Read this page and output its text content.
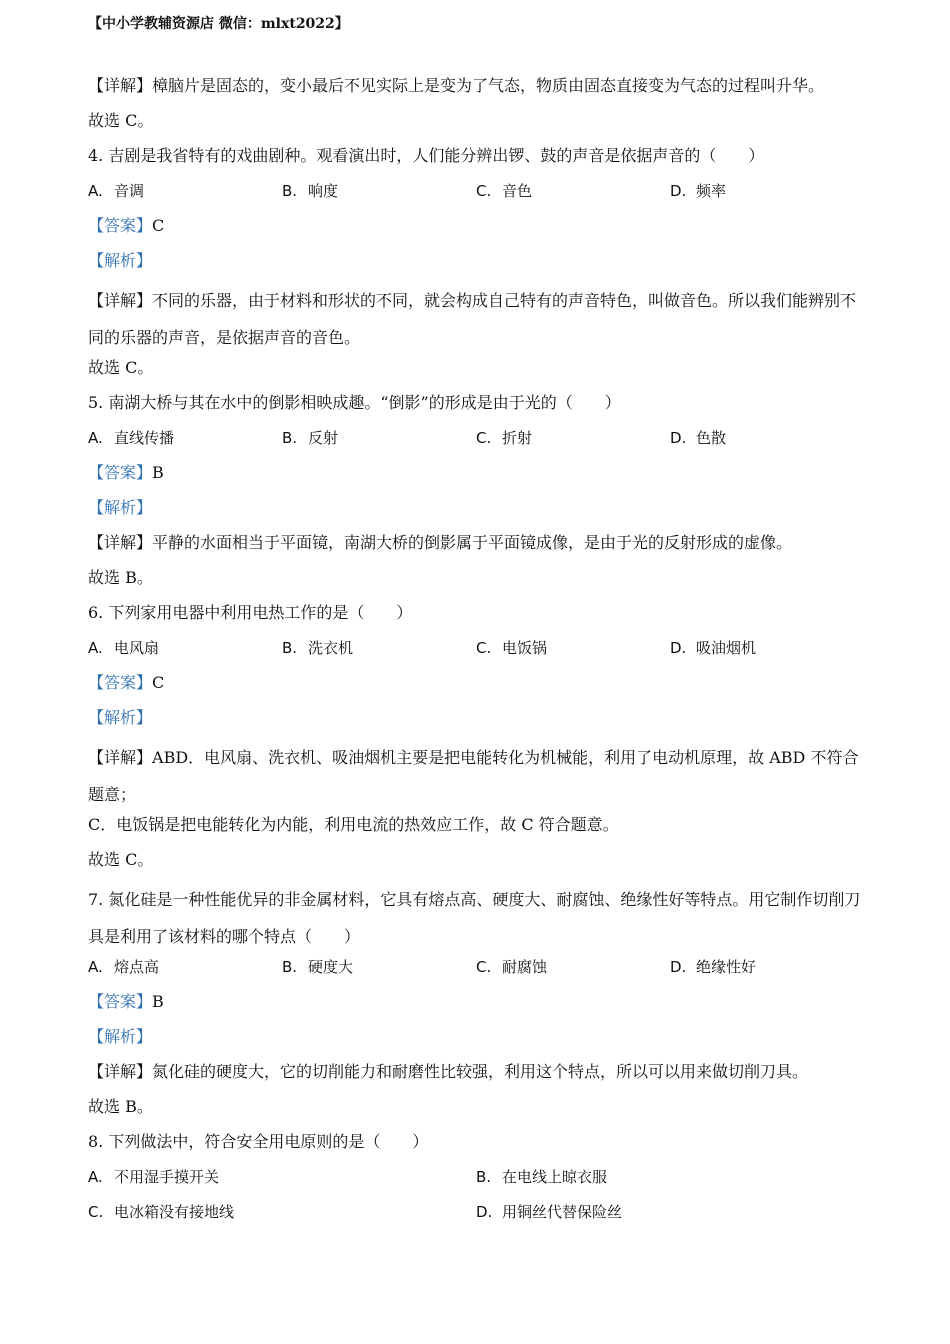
【中小学教辅资源店 微信：mlxt2022】
【详解】樟脑片是固态的，变小最后不见实际上是变为了气态，物质由固态直接变为气态的过程叫升华。
故选 C。
4. 吉剧是我省特有的戏曲剧种。观看演出时，人们能分辨出锣、鼓的声音是依据声音的（　　）
A. 音调	B. 响度	C. 音色	D. 频率
【答案】C
【解析】
【详解】不同的乐器，由于材料和形状的不同，就会构成自己特有的声音特色，叫做音色。所以我们能辨别不同的乐器的声音，是依据声音的音色。
故选 C。
5. 南湖大桥与其在水中的倒影相映成趣。“倒影”的形成是由于光的（　　）
A. 直线传播	B. 反射	C. 折射	D. 色散
【答案】B
【解析】
【详解】平静的水面相当于平面镜，南湖大桥的倒影属于平面镜成像，是由于光的反射形成的虚像。
故选 B。
6. 下列家用电器中利用电热工作的是（　　）
A. 电风扇	B. 洗衣机	C. 电饭锅	D. 吸油烟机
【答案】C
【解析】
【详解】ABD．电风扇、洗衣机、吸油烟机主要是把电能转化为机械能，利用了电动机原理，故 ABD 不符合题意；
C．电饭锅是把电能转化为内能，利用电流的热效应工作，故 C 符合题意。
故选 C。
7. 氮化硅是一种性能优异的非金属材料，它具有熔点高、硬度大、耐腐蚀、绝缘性好等特点。用它制作切削刀具是利用了该材料的哪个特点（　　）
A. 熔点高	B. 硬度大	C. 耐腐蚀	D. 绝缘性好
【答案】B
【解析】
【详解】氮化硅的硬度大，它的切削能力和耐磨性比较强，利用这个特点，所以可以用来做切削刀具。
故选 B。
8. 下列做法中，符合安全用电原则的是（　　）
A. 不用湿手摸开关	B. 在电线上晾衣服
C. 电冰箱没有接地线	D. 用铜丝代替保险丝
